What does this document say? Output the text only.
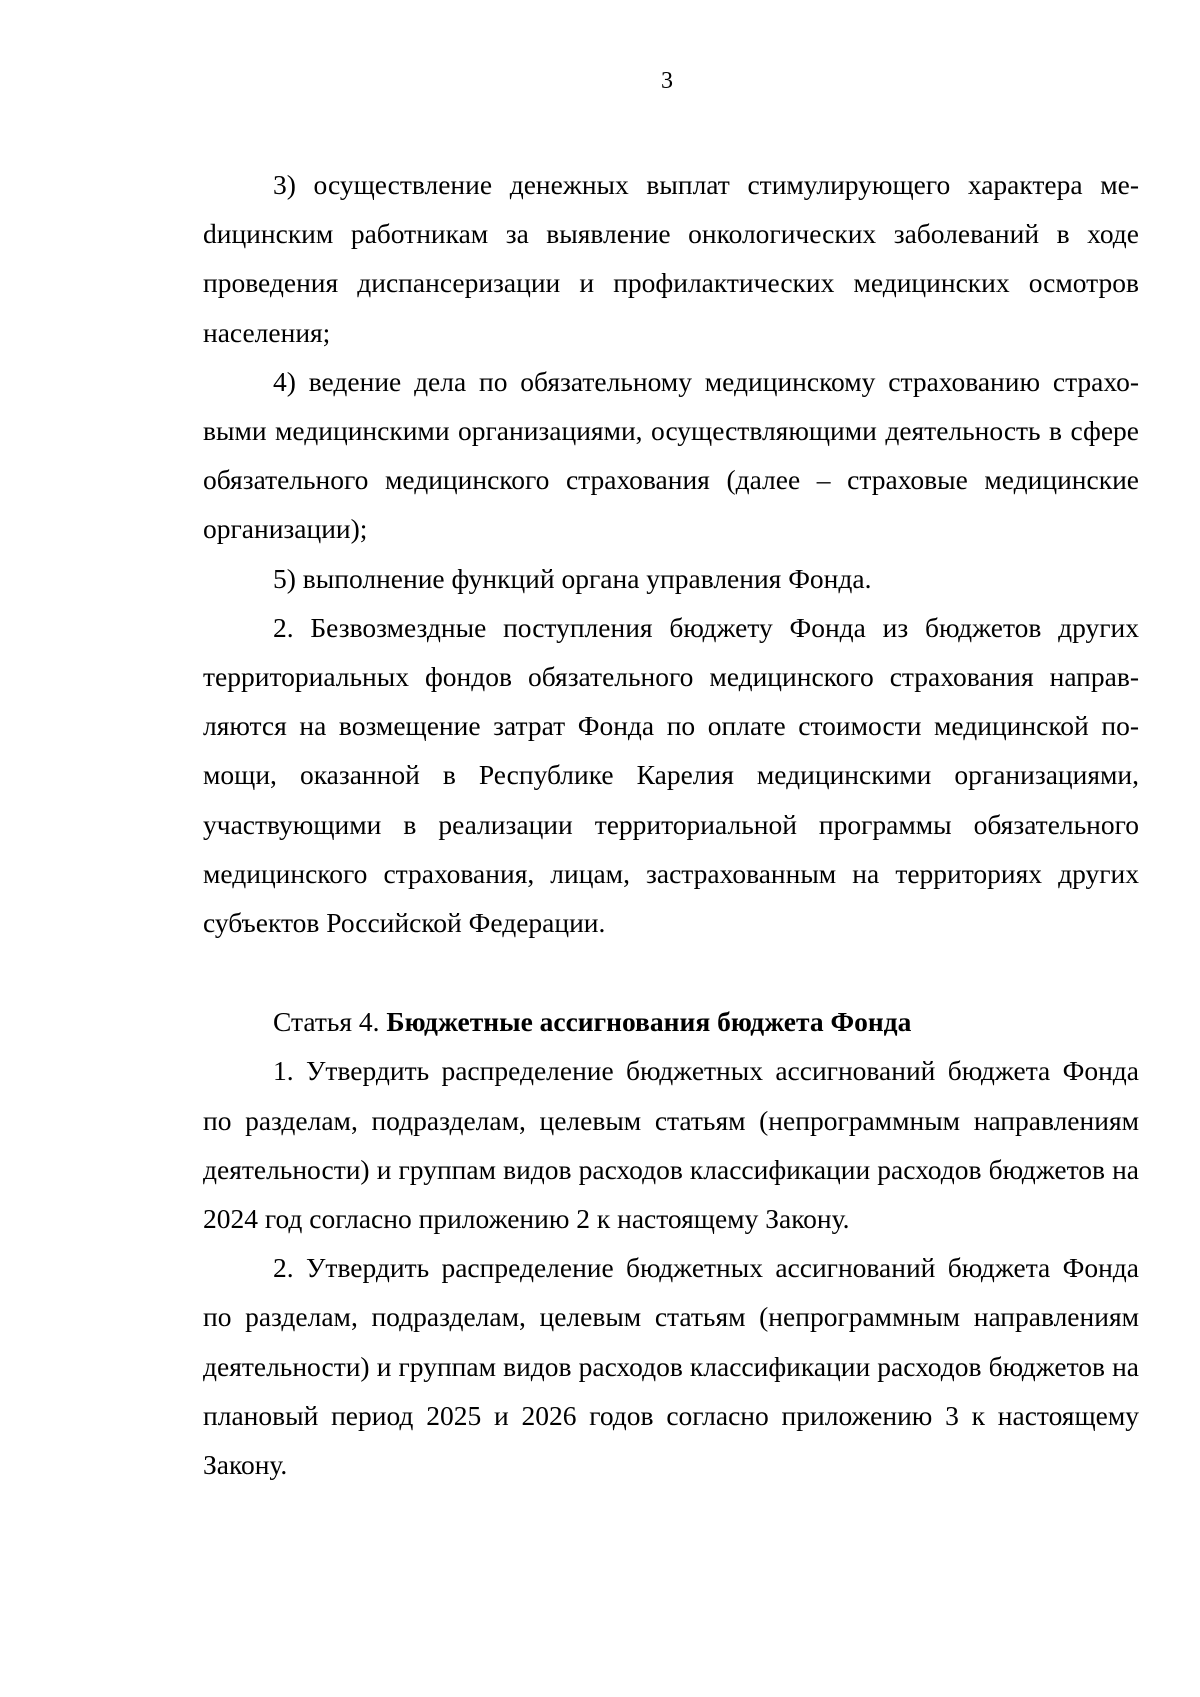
3

3) осуществление денежных выплат стимулирующего характера меdицинским работникам за выявление онкологических заболеваний в ходе проведения диспансеризации и профилактических медицинских осмотров населения;

4) ведение дела по обязательному медицинскому страхованию страховыми медицинскими организациями, осуществляющими деятельность в сфере обязательного медицинского страхования (далее – страховые медицинские организации);

5) выполнение функций органа управления Фонда.

2. Безвозмездные поступления бюджету Фонда из бюджетов других территориальных фондов обязательного медицинского страхования направляются на возмещение затрат Фонда по оплате стоимости медицинской помощи, оказанной в Республике Карелия медицинскими организациями, участвующими в реализации территориальной программы обязательного медицинского страхования, лицам, застрахованным на территориях других субъектов Российской Федерации.

Статья 4. Бюджетные ассигнования бюджета Фонда

1. Утвердить распределение бюджетных ассигнований бюджета Фонда по разделам, подразделам, целевым статьям (непрограммным направлениям деятельности) и группам видов расходов классификации расходов бюджетов на 2024 год согласно приложению 2 к настоящему Закону.

2. Утвердить распределение бюджетных ассигнований бюджета Фонда по разделам, подразделам, целевым статьям (непрограммным направлениям деятельности) и группам видов расходов классификации расходов бюджетов на плановый период 2025 и 2026 годов согласно приложению 3 к настоящему Закону.
